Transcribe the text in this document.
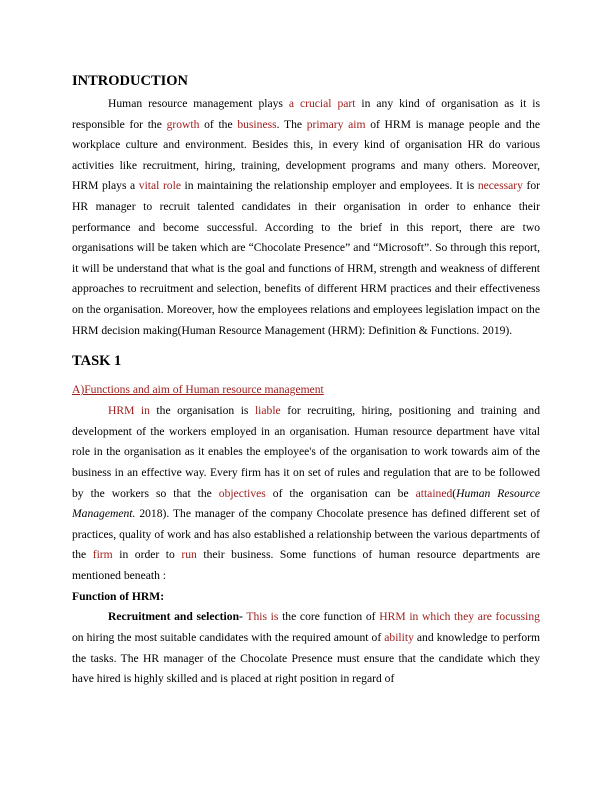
INTRODUCTION

Human resource management plays a crucial part in any kind of organisation as it is responsible for the growth of the business. The primary aim of HRM is manage people and the workplace culture and environment. Besides this, in every kind of organisation HR do various activities like recruitment, hiring, training, development programs and many others. Moreover, HRM plays a vital role in maintaining the relationship employer and employees. It is necessary for HR manager to recruit talented candidates in their organisation in order to enhance their performance and become successful. According to the brief in this report, there are two organisations will be taken which are “Chocolate Presence” and “Microsoft”. So through this report, it will be understand that what is the goal and functions of HRM, strength and weakness of different approaches to recruitment and selection, benefits of different HRM practices and their effectiveness on the organisation. Moreover, how the employees relations and employees legislation impact on the HRM decision making(Human Resource Management (HRM): Definition & Functions. 2019).

TASK 1
A)Functions and aim of Human resource management

HRM in the organisation is liable for recruiting, hiring, positioning and training and development of the workers employed in an organisation. Human resource department have vital role in the organisation as it enables the employee's of the organisation to work towards aim of the business in an effective way. Every firm has it on set of rules and regulation that are to be followed by the workers so that the objectives of the organisation can be attained(Human Resource Management. 2018). The manager of the company Chocolate presence has defined different set of practices, quality of work and has also established a relationship between the various departments of the firm in order to run their business. Some functions of human resource departments are mentioned beneath :

Function of HRM:

Recruitment and selection- This is the core function of HRM in which they are focussing on hiring the most suitable candidates with the required amount of ability and knowledge to perform the tasks. The HR manager of the Chocolate Presence must ensure that the candidate which they have hired is highly skilled and is placed at right position in regard of
